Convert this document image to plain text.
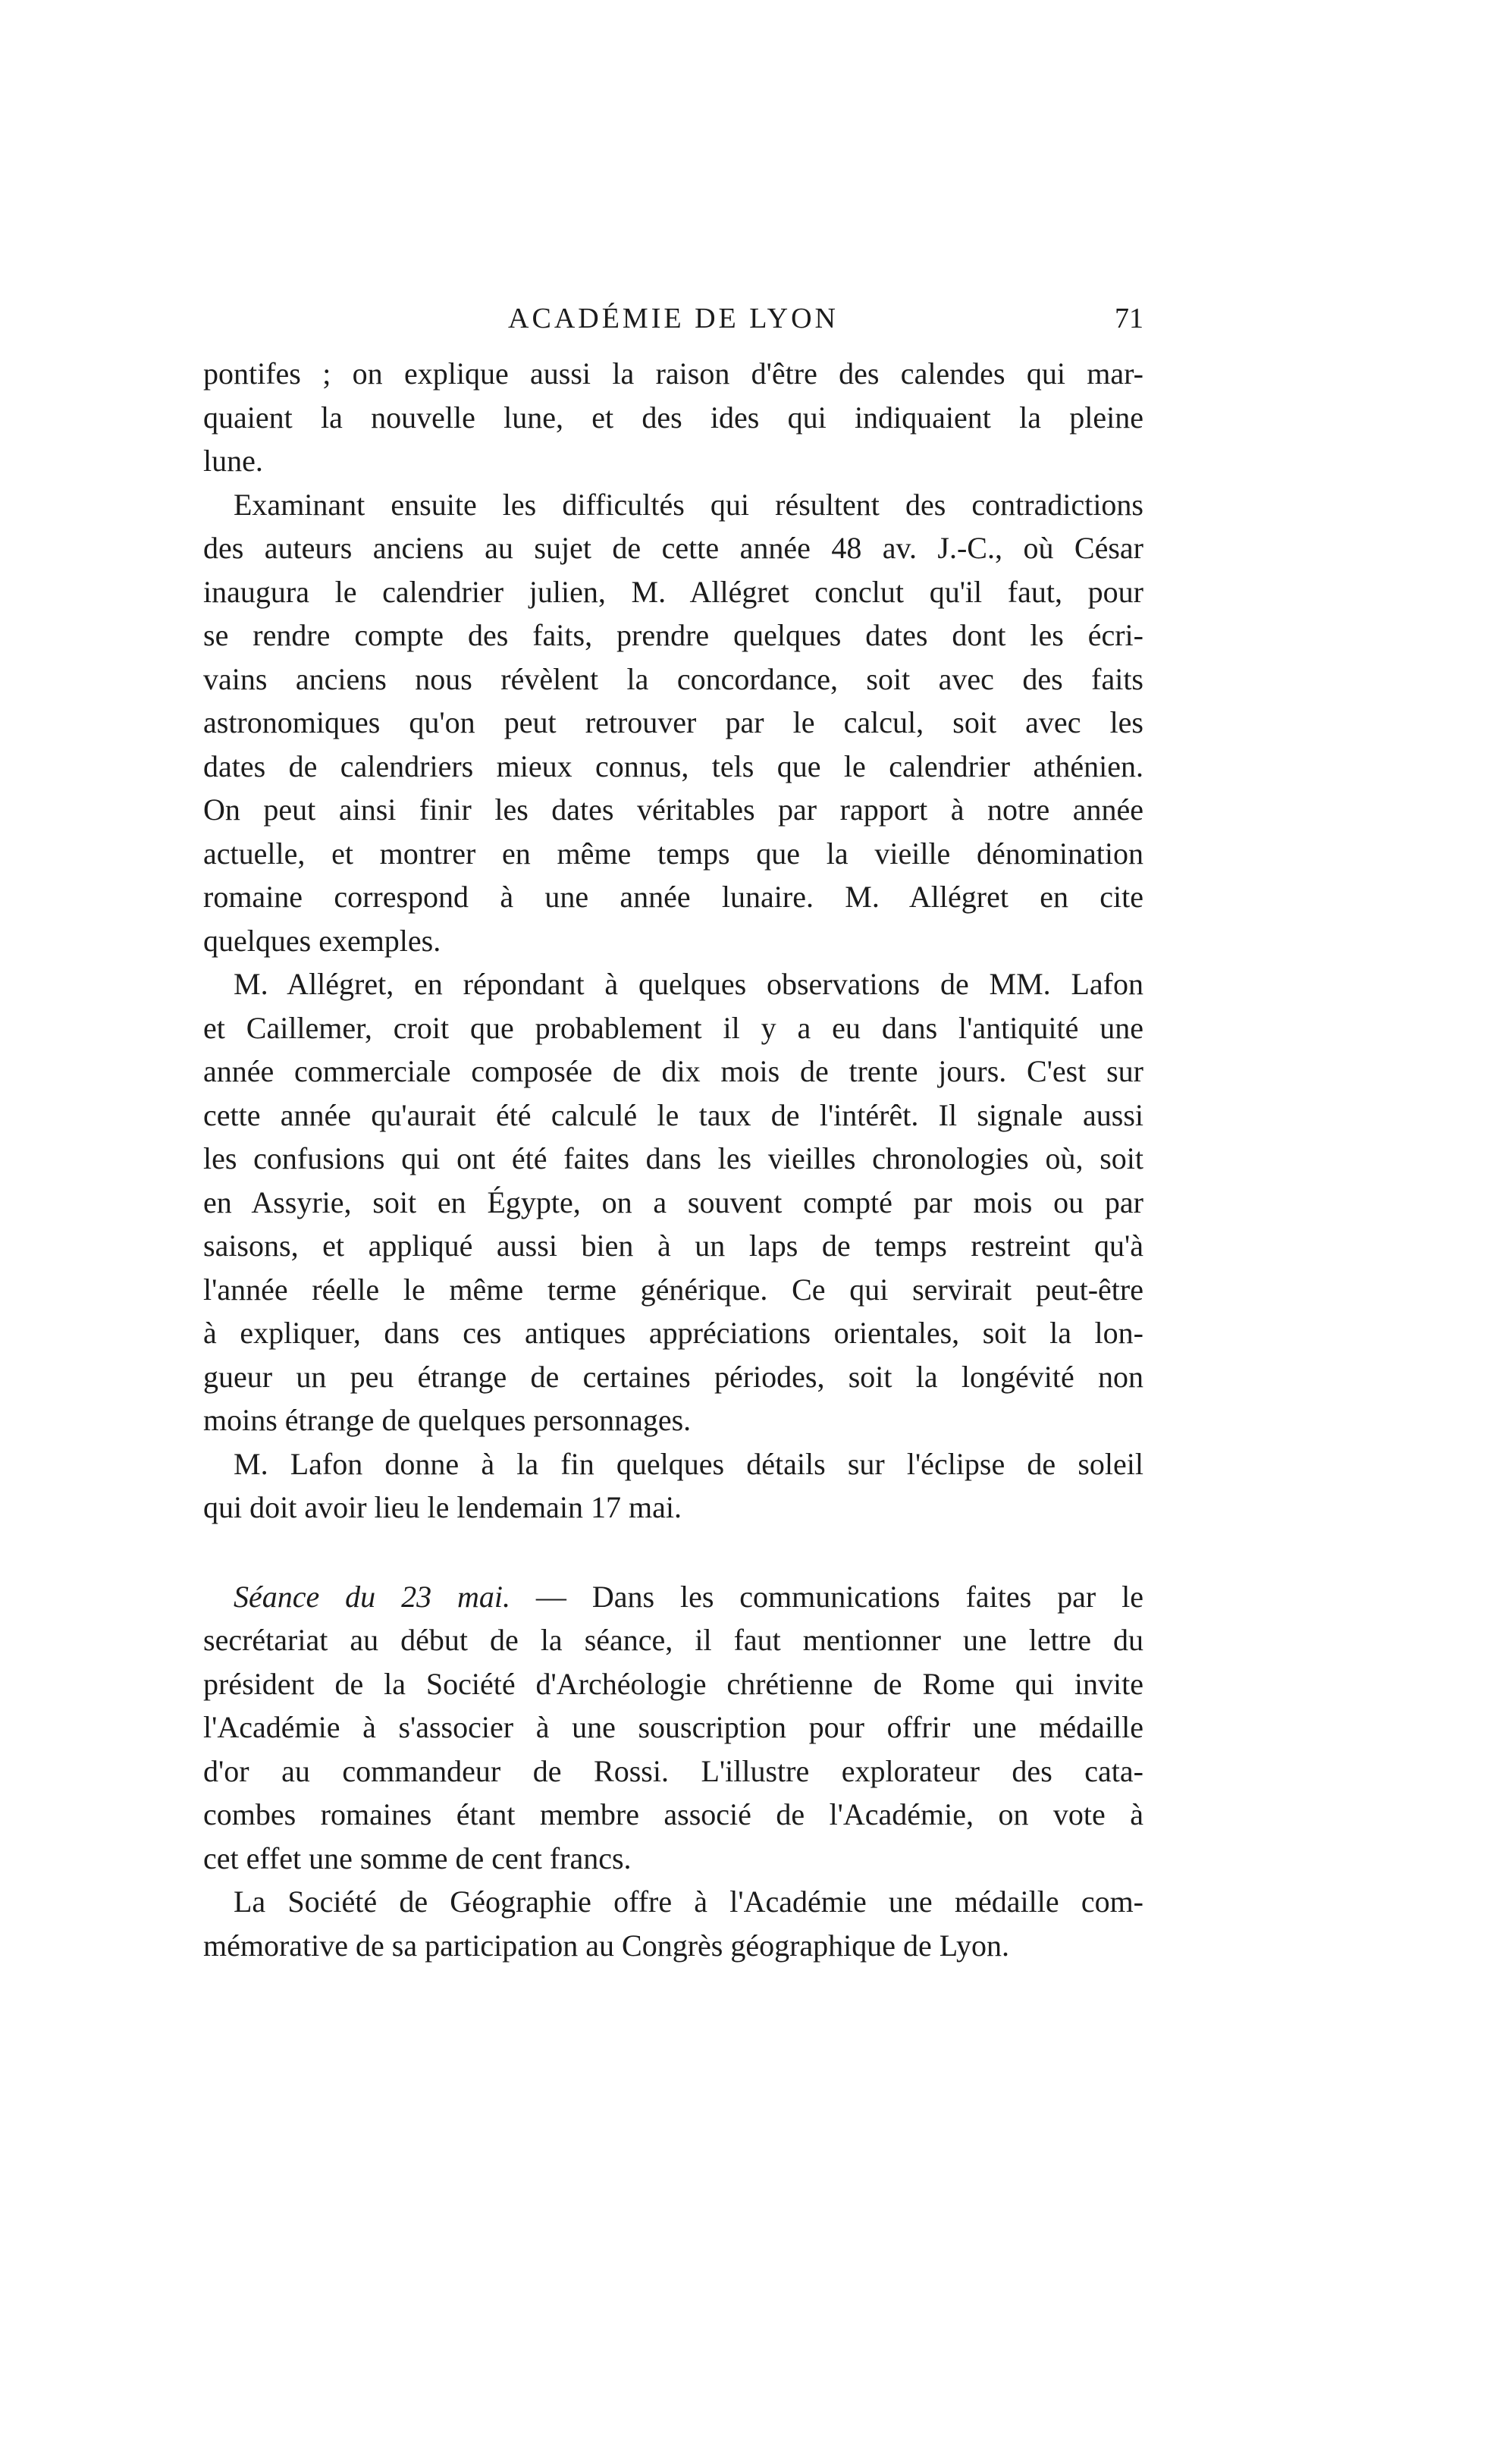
ACADÉMIE DE LYON	71
pontifes ; on explique aussi la raison d'être des calendes qui mar-
quaient la nouvelle lune, et des ides qui indiquaient la pleine
lune.
Examinant ensuite les difficultés qui résultent des contradictions
des auteurs anciens au sujet de cette année 48 av. J.-C., où César
inaugura le calendrier julien, M. Allégret conclut qu'il faut, pour
se rendre compte des faits, prendre quelques dates dont les écri-
vains anciens nous révèlent la concordance, soit avec des faits
astronomiques qu'on peut retrouver par le calcul, soit avec les
dates de calendriers mieux connus, tels que le calendrier athénien.
On peut ainsi finir les dates véritables par rapport à notre année
actuelle, et montrer en même temps que la vieille dénomination
romaine correspond à une année lunaire. M. Allégret en cite
quelques exemples.
M. Allégret, en répondant à quelques observations de MM. Lafon
et Caillemer, croit que probablement il y a eu dans l'antiquité une
année commerciale composée de dix mois de trente jours. C'est sur
cette année qu'aurait été calculé le taux de l'intérêt. Il signale aussi
les confusions qui ont été faites dans les vieilles chronologies où, soit
en Assyrie, soit en Égypte, on a souvent compté par mois ou par
saisons, et appliqué aussi bien à un laps de temps restreint qu'à
l'année réelle le même terme générique. Ce qui servirait peut-être
à expliquer, dans ces antiques appréciations orientales, soit la lon-
gueur un peu étrange de certaines périodes, soit la longévité non
moins étrange de quelques personnages.
M. Lafon donne à la fin quelques détails sur l'éclipse de soleil
qui doit avoir lieu le lendemain 17 mai.
Séance du 23 mai. — Dans les communications faites par le
secrétariat au début de la séance, il faut mentionner une lettre du
président de la Société d'Archéologie chrétienne de Rome qui invite
l'Académie à s'associer à une souscription pour offrir une médaille
d'or au commandeur de Rossi. L'illustre explorateur des cata-
combes romaines étant membre associé de l'Académie, on vote à
cet effet une somme de cent francs.
La Société de Géographie offre à l'Académie une médaille com-
mémorative de sa participation au Congrès géographique de Lyon.
